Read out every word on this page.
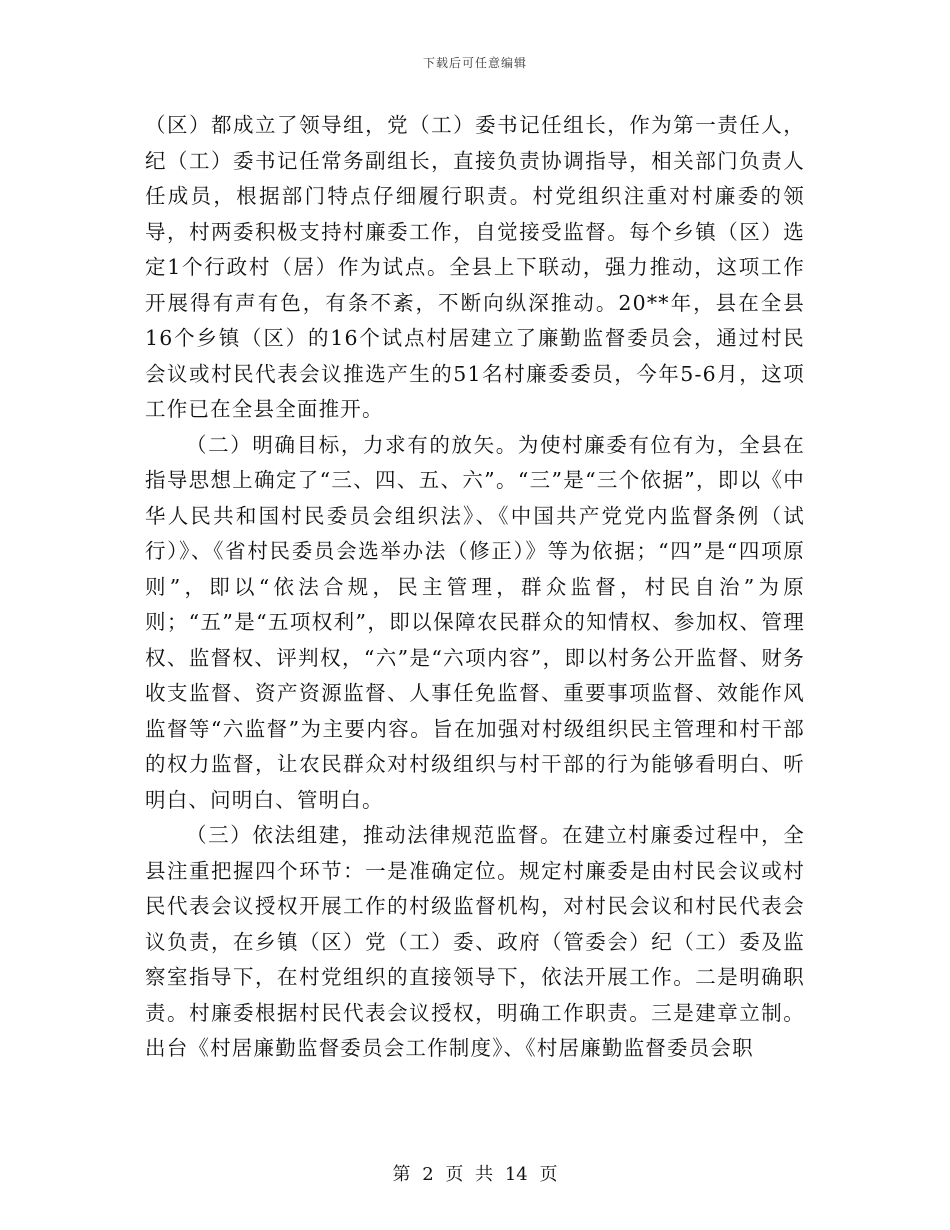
下载后可任意编辑

（区）都成立了领导组，党（工）委书记任组长，作为第一责任人，纪（工）委书记任常务副组长，直接负责协调指导，相关部门负责人任成员，根据部门特点仔细履行职责。村党组织注重对村廉委的领导，村两委积极支持村廉委工作，自觉接受监督。每个乡镇（区）选定1个行政村（居）作为试点。全县上下联动，强力推动，这项工作开展得有声有色，有条不紊，不断向纵深推动。20**年，县在全县16个乡镇（区）的16个试点村居建立了廉勤监督委员会，通过村民会议或村民代表会议推选产生的51名村廉委委员，今年5-6月，这项工作已在全县全面推开。

（二）明确目标，力求有的放矢。为使村廉委有位有为，全县在指导思想上确定了“三、四、五、六”。“三”是“三个依据”，即以《中华人民共和国村民委员会组织法》、《中国共产党党内监督条例（试行）》、《省村民委员会选举办法（修正）》等为依据；“四”是“四项原则”，即以“依法合规，民主管理，群众监督，村民自治”为原则；“五”是“五项权利”，即以保障农民群众的知情权、参加权、管理权、监督权、评判权，“六”是“六项内容”，即以村务公开监督、财务收支监督、资产资源监督、人事任免监督、重要事项监督、效能作风监督等“六监督”为主要内容。旨在加强对村级组织民主管理和村干部的权力监督，让农民群众对村级组织与村干部的行为能够看明白、听明白、问明白、管明白。

（三）依法组建，推动法律规范监督。在建立村廉委过程中，全县注重把握四个环节：一是准确定位。规定村廉委是由村民会议或村民代表会议授权开展工作的村级监督机构，对村民会议和村民代表会议负责，在乡镇（区）党（工）委、政府（管委会）纪（工）委及监察室指导下，在村党组织的直接领导下，依法开展工作。二是明确职责。村廉委根据村民代表会议授权，明确工作职责。三是建章立制。出台《村居廉勤监督委员会工作制度》、《村居廉勤监督委员会职

第 2 页 共 14 页
